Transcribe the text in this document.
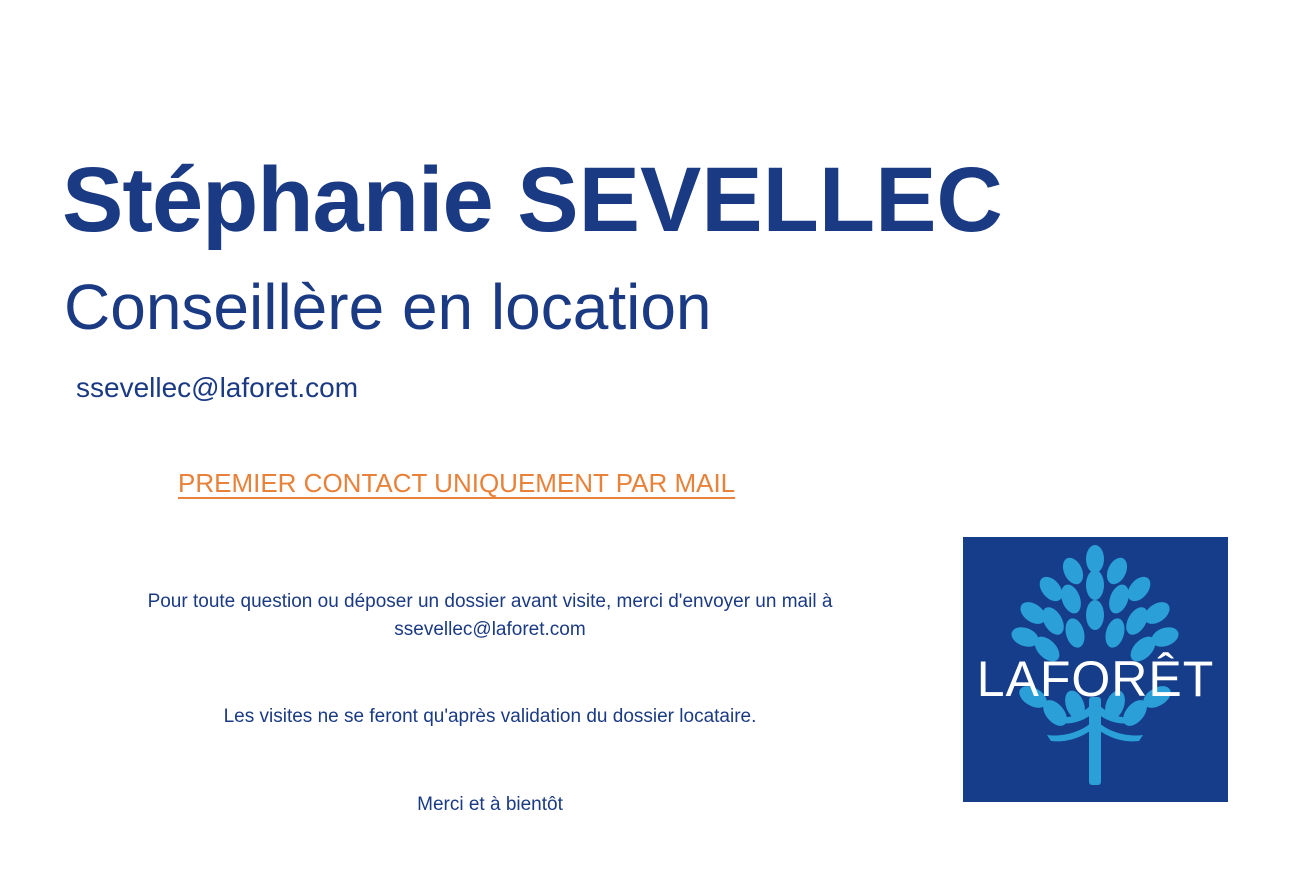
Stéphanie SEVELLEC
Conseillère en location
ssevellec@laforet.com
PREMIER CONTACT UNIQUEMENT PAR MAIL
Pour toute question ou déposer un dossier avant visite, merci d'envoyer un mail à ssevellec@laforet.com
Les visites ne se feront qu'après validation du dossier locataire.
Merci et à bientôt
LAFORÊT
